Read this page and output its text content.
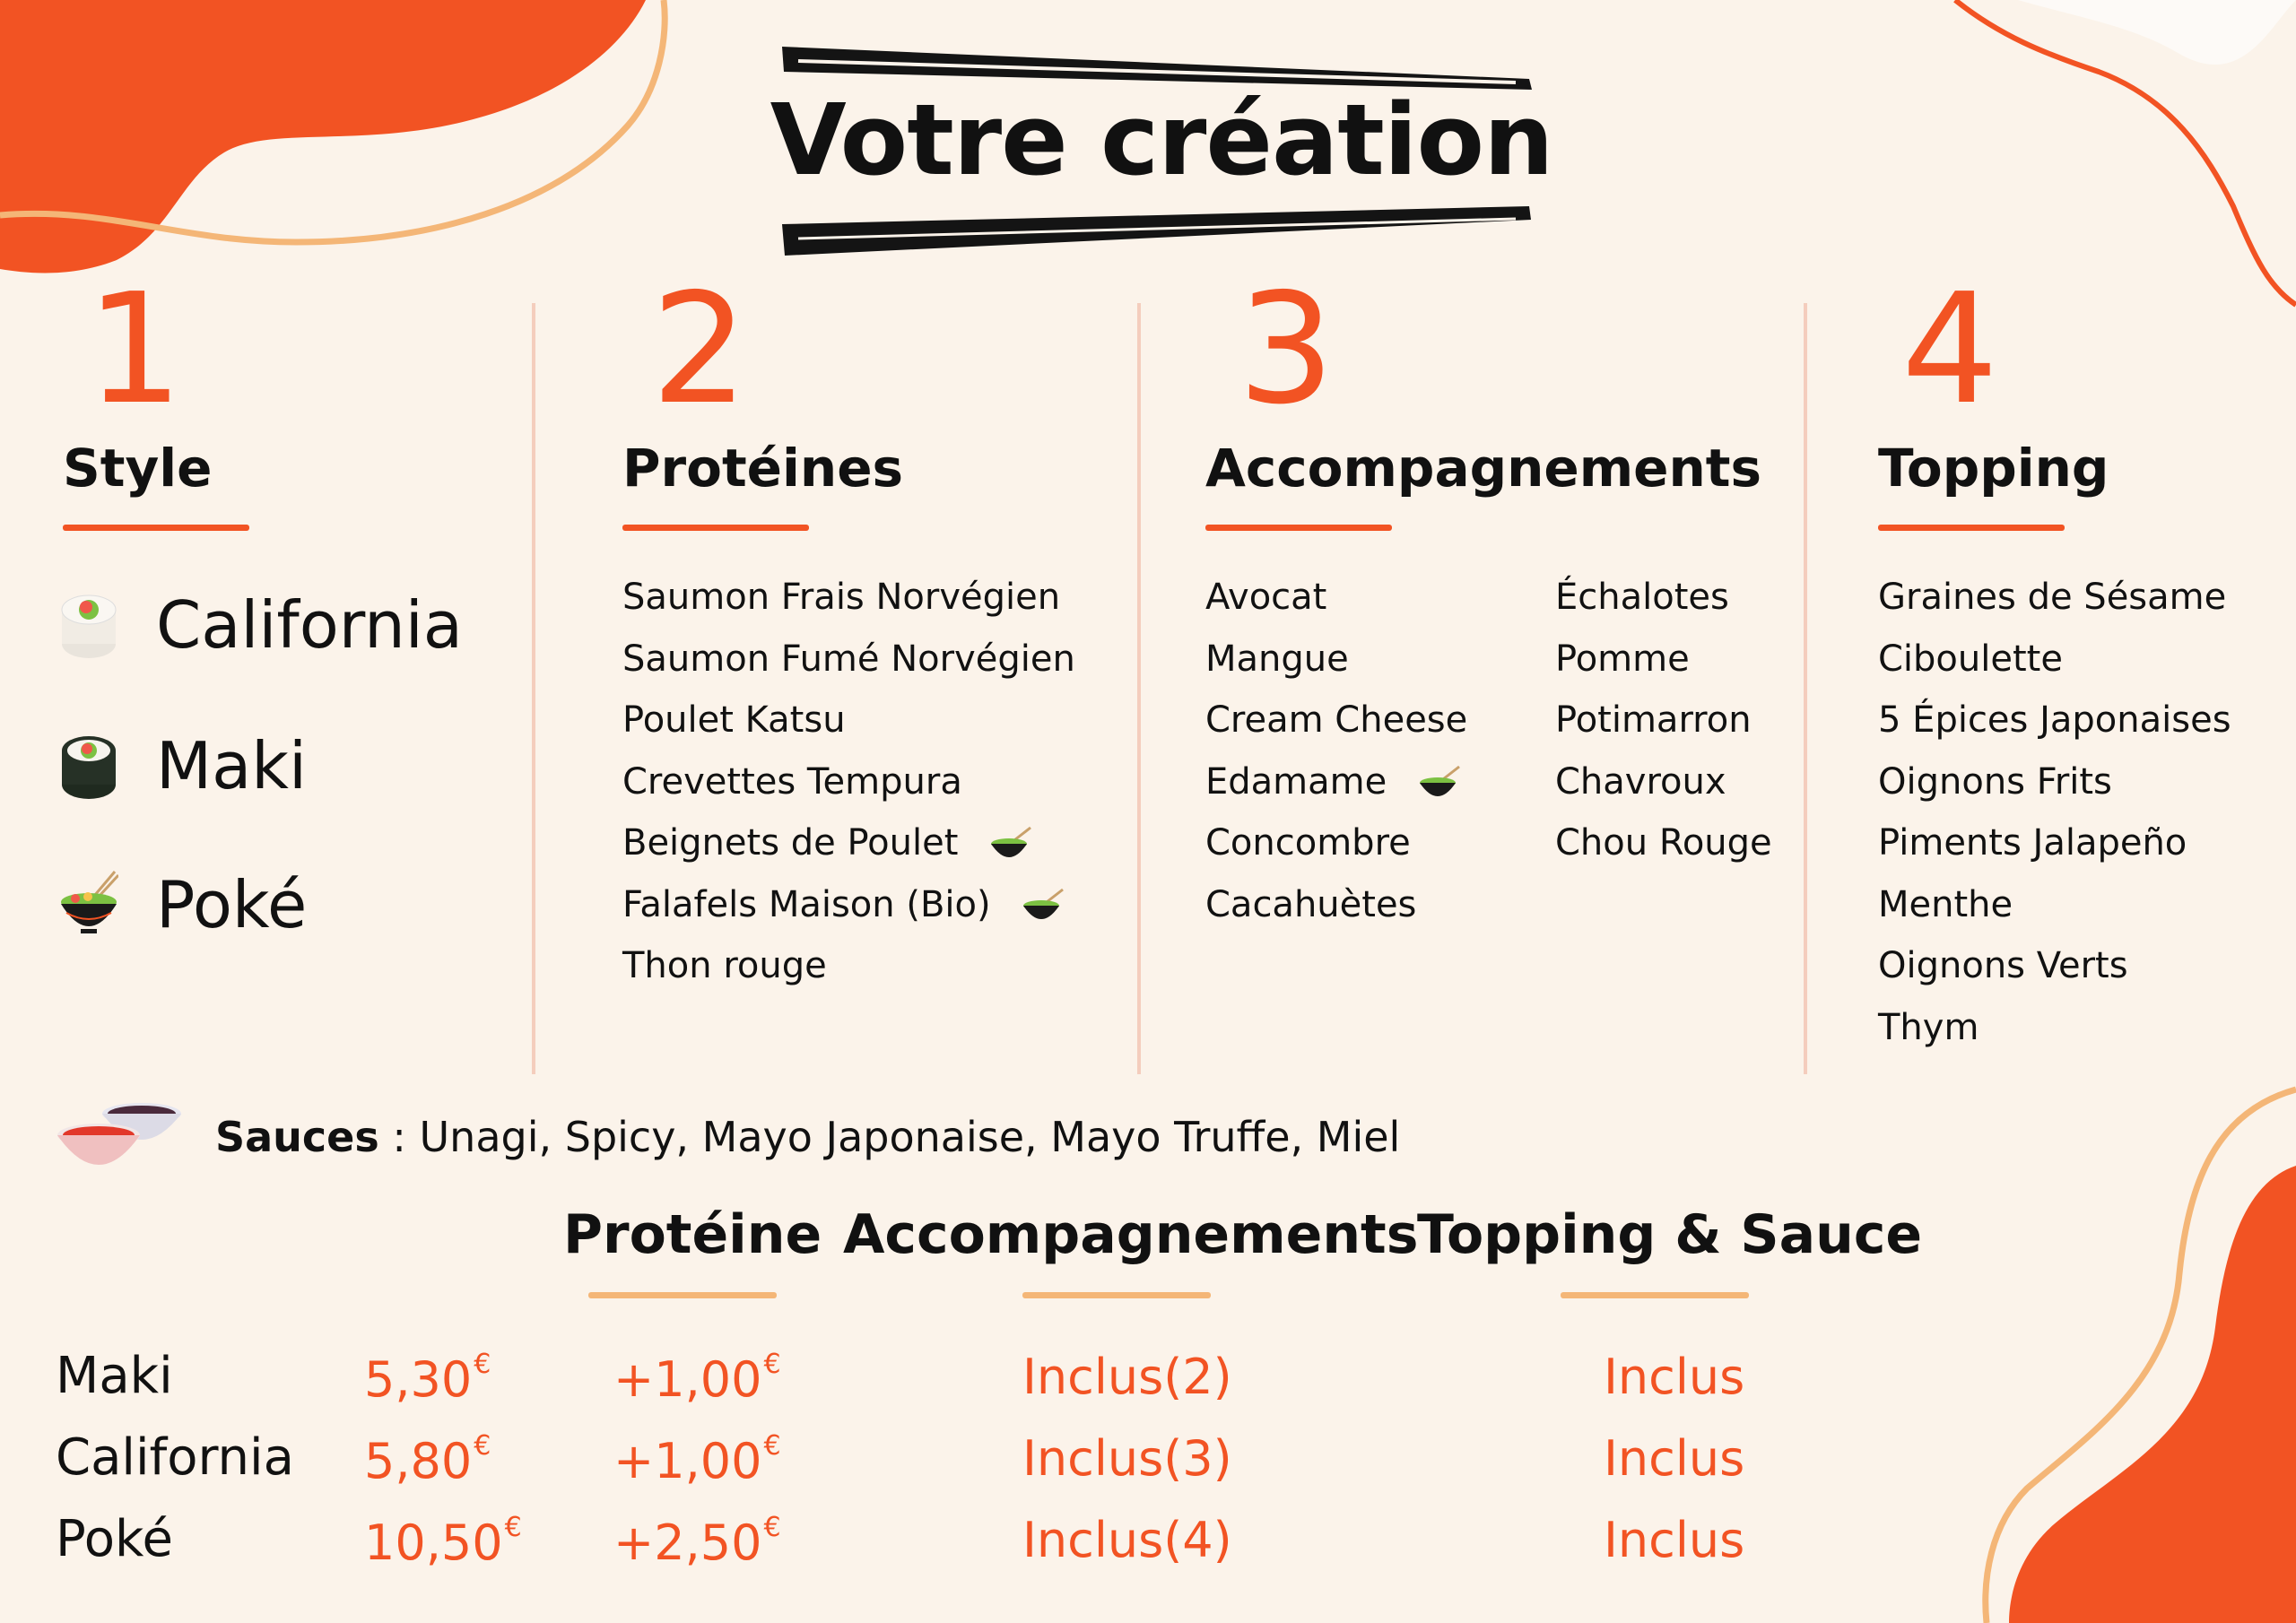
Votre création
1
Style
California
Maki
Poké
2
Protéines
Saumon Frais Norvégien
Saumon Fumé Norvégien
Poulet Katsu
Crevettes Tempura
Beignets de Poulet
Falafels Maison (Bio)
Thon rouge
3
Accompagnements
Avocat
Mangue
Cream Cheese
Edamame
Concombre
Cacahuètes
Échalotes
Pomme
Potimarron
Chavroux
Chou Rouge
4
Topping
Graines de Sésame
Ciboulette
5 Épices Japonaises
Oignons Frits
Piments Jalapeño
Menthe
Oignons Verts
Thym
Sauces : Unagi, Spicy, Mayo Japonaise, Mayo Truffe, Miel
Protéine Accompagnements
Topping & Sauce
Maki	5,30€	+1,00€	Inclus(2)	Inclus
California 5,80€	+1,00€	Inclus(3)	Inclus
Poké	10,50€ +2,50€	Inclus(4)	Inclus
